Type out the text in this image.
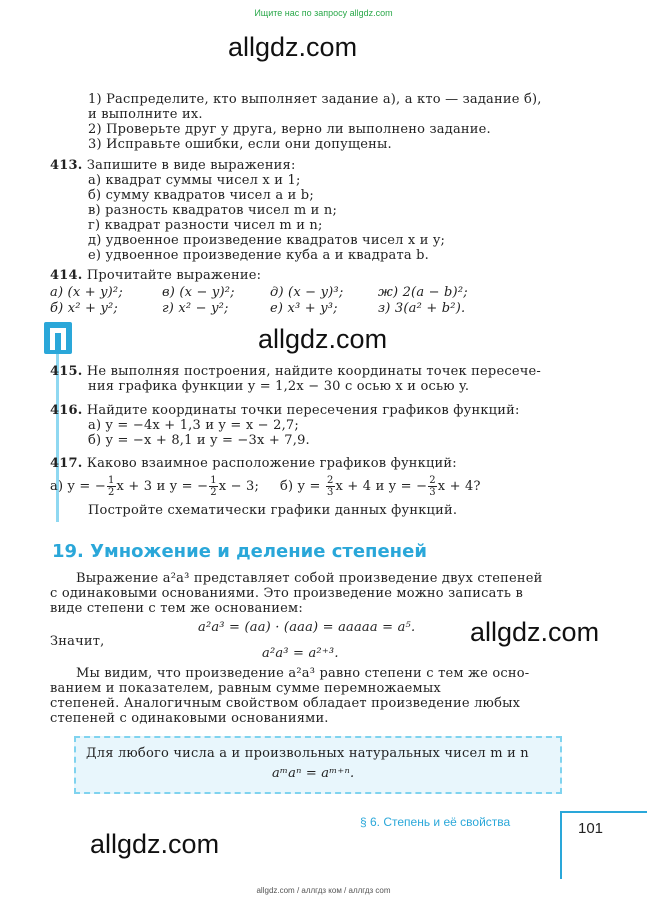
Ищите нас по запросу allgdz.com
allgdz.com
allgdz.com
allgdz.com
allgdz.com
1) Распределите, кто выполняет задание а), а кто — задание б),
и выполните их.
2) Проверьте друг у друга, верно ли выполнено задание.
3) Исправьте ошибки, если они допущены.
413. Запишите в виде выражения:
а) квадрат суммы чисел x и 1;
б) сумму квадратов чисел a и b;
в) разность квадратов чисел m и n;
г) квадрат разности чисел m и n;
д) удвоенное произведение квадратов чисел x и y;
е) удвоенное произведение куба a и квадрата b.
414. Прочитайте выражение:
а) (x + y)²;	в) (x − y)²;	д) (x − y)³;	ж) 2(a − b)²;
б) x² + y²;	г) x² − y²;	е) x³ + y³;	з) 3(a² + b²).
415. Не выполняя построения, найдите координаты точек пересече-
ния графика функции y = 1,2x − 30 с осью x и осью y.
416. Найдите координаты точки пересечения графиков функций:
а) y = −4x + 1,3 и y = x − 2,7;
б) y = −x + 8,1 и y = −3x + 7,9.
417. Каково взаимное расположение графиков функций:
а) y = − $\frac{1}{2}$ x + 3 и y = − $\frac{1}{2}$ x − 3; б) $y = \frac{2}{3}$ x + 4 и y = − $\frac{2}{3}$ x + 4?
Постройте схематически графики данных функций.
19. Умножение и деление степеней
Выражение a²a³ представляет собой произведение двух степеней
с одинаковыми основаниями. Это произведение можно записать в
виде степени с тем же основанием:
a²a³ = (aa) · (aaa) = aaaaa = a⁵.
Значит,
a²a³ = a²⁺³.
Мы видим, что произведение a²a³ равно степени с тем же осно-
ванием и показателем, равным сумме перемножаемых
степеней. Аналогичным свойством обладает произведение любых
степеней с одинаковыми основаниями.
Для любого числа a и произвольных натуральных чисел m и n
aᵐaⁿ = aᵐ⁺ⁿ.
§ 6. Степень и её свойства	101
allgdz.com / аллгдз ком / аллгдз com
